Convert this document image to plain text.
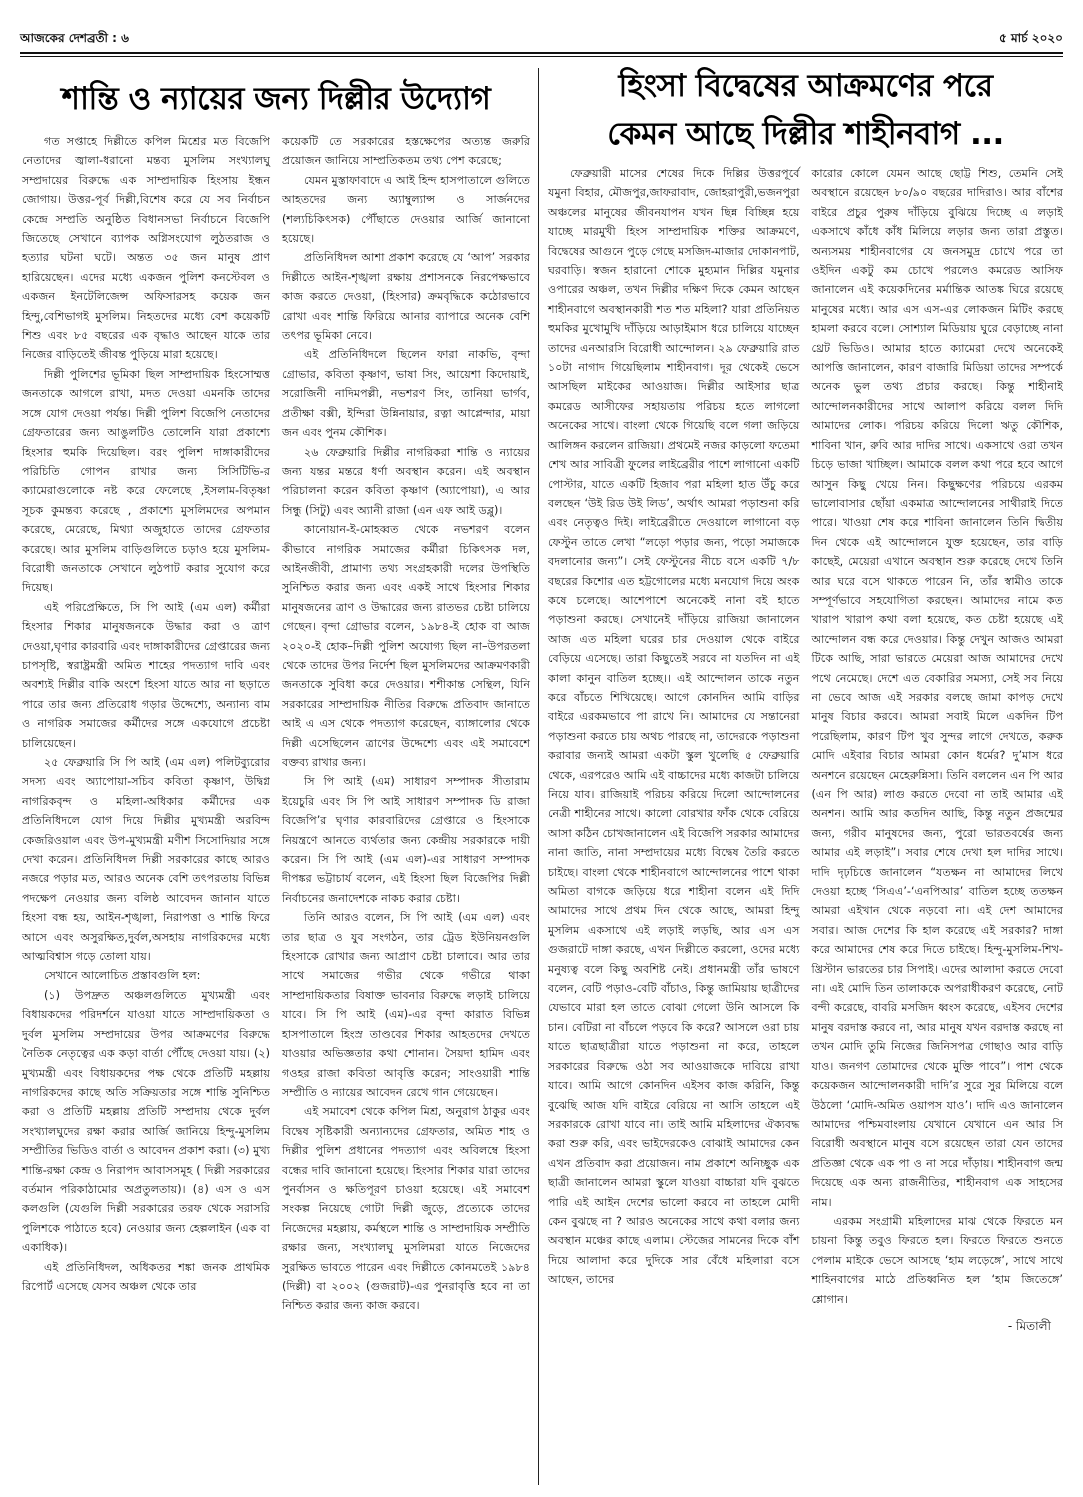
আজকের দেশব্রতী : ৬	৫ মার্চ ২০২০
শান্তি ও ন্যায়ের জন্য দিল্লীর উদ্যোগ

গত সপ্তাহে দিল্লীতে কপিল মিশ্রের মত বিজেপি নেতাদের জ্বালা-ধরানো মন্তব্য মুসলিম সংখ্যালঘু সম্প্রদায়ের বিরুদ্ধে এক সাম্প্রদায়িক হিংসায় ইন্ধন জোগায়। উত্তর-পূর্ব দিল্লী,বিশেষ করে যে সব নির্বাচন কেন্দ্রে সম্প্রতি অনুষ্ঠিত বিধানসভা নির্বাচনে বিজেপি জিতেছে সেখানে ব্যাপক অগ্নিসংযোগ লুঠতরাজ ও হত্যার ঘটনা ঘটে। অন্তত ৩৫ জন মানুষ প্রাণ হারিয়েছেন। এদের মধ্যে একজন পুলিশ কনস্টেবল ও একজন ইনটেলিজেন্স অফিসারসহ কয়েক জন হিন্দু,বেশিভাগই মুসলিম। নিহতদের মধ্যে বেশ কয়েকটি শিশু এবং ৮৫ বছরের এক বৃদ্ধাও আছেন যাকে তার নিজের বাড়িতেই জীবন্ত পুড়িয়ে মারা হয়েছে।

দিল্লী পুলিশের ভূমিকা ছিল সাম্প্রদায়িক হিংসোম্মত্ত জনতাকে আগলে রাখা, মদত দেওয়া এমনকি তাদের সঙ্গে যোগ দেওয়া পর্যন্ত। দিল্লী পুলিশ বিজেপি নেতাদের গ্রেফতারের জন্য আঙুলটিও তোলেনি যারা প্রকাশ্যে হিংসার হুমকি দিয়েছিল। বরং পুলিশ দাঙ্গাকারীদের পরিচিতি গোপন রাখার জন্য সিসিটিভি-র ক্যামেরাগুলোকে নষ্ট করে ফেলেছে ,ইসলাম-বিতৃষ্ণা সূচক কুমন্তব্য করেছে , প্রকাশ্যে মুসলিমদের অপমান করেছে, মেরেছে, মিথ্যা অজুহাতে তাদের গ্রেফতার করেছে। আর মুসলিম বাড়িগুলিতে চড়াও হয়ে মুসলিম-বিরোধী জনতাকে সেখানে লুঠপাট করার সুযোগ করে দিয়েছ।

এই পরিপ্রেক্ষিতে, সি পি আই (এম এল) কর্মীরা হিংসার শিকার মানুষজনকে উদ্ধার করা ও ত্রাণ দেওয়া,ঘৃণার কারবারি এবং দাঙ্গাকারীদের গ্রেপ্তারের জন্য চাপসৃষ্টি, স্বরাষ্ট্রমন্ত্রী অমিত শাহের পদত্যাগ দাবি এবং অবশ্যই দিল্লীর বাকি অংশে হিংসা যাতে আর না ছড়াতে পারে তার জন্য প্রতিরোধ গড়ার উদ্দেশ্যে, অন্যান্য বাম ও নাগরিক সমাজের কর্মীদের সঙ্গে একযোগে প্রচেষ্টা চালিয়েছেন।

২৫ ফেব্রুয়ারি সি পি আই (এম এল) পলিটব্যুরোর সদস্য এবং অ্যাপোয়া-সচিব কবিতা কৃষ্ণাণ, উদ্বিগ্ন নাগরিকবৃন্দ ও মহিলা-অধিকার কর্মীদের এক প্রতিনিধিদলে যোগ দিয়ে দিল্লীর মুখ্যমন্ত্রী অরবিন্দ কেজরিওয়াল এবং উপ-মুখ্যমন্ত্রী মণীশ সিসোদিয়ার সঙ্গে দেখা করেন। প্রতিনিধিদল দিল্লী সরকারের কাছে আরও নজরে পড়ার মত, আরও অনেক বেশি তৎপরতায় বিভিন্ন পদক্ষেপ নেওয়ার জন্য বলিষ্ঠ আবেদন জানান যাতে হিংসা বন্ধ হয়, আইন-শৃঙ্খলা, নিরাপত্তা ও শান্তি ফিরে আসে এবং অসুরক্ষিত,দুর্বল,অসহায় নাগরিকদের মধ্যে আত্মবিশ্বাস গড়ে তোলা যায়।

সেখানে আলোচিত প্রস্তাবগুলি হল:

(১) উপদ্রুত অঞ্চলগুলিতে মুখ্যমন্ত্রী এবং বিধায়কদের পরিদর্শনে যাওয়া যাতে সাম্প্রদায়িকতা ও দুর্বল মুসলিম সম্প্রদায়ের উপর আক্রমণের বিরুদ্ধে নৈতিক নেতৃত্বের এক কড়া বার্তা পৌঁছে দেওয়া যায়। (২) মুখ্যমন্ত্রী এবং বিধায়কদের পক্ষ থেকে প্রতিটি মহল্লায় নাগরিকদের কাছে অতি সক্রিয়তার সঙ্গে শান্তি সুনিশ্চিত করা ও প্রতিটি মহল্লায় প্রতিটি সম্প্রদায় থেকে দুর্বল সংখ্যালঘুদের রক্ষা করার আর্জি জানিয়ে হিন্দু-মুসলিম সম্প্রীতির ভিডিও বার্তা ও আবেদন প্রকাশ করা। (৩) মুখ্য শান্তি-রক্ষা কেন্দ্র ও নিরাপদ আবাসসমূহ ( দিল্লী সরকারের বর্তমান পরিকাঠামোর অপ্রতুলতায়)। (৪) এস ও এস কলগুলি (যেগুলি দিল্লী সরকারের তরফ থেকে সরাসরি পুলিশকে পাঠাতে হবে) নেওয়ার জন্য হেল্পলাইন (এক বা একাধিক)।

এই প্রতিনিধিদল, অধিকতর শঙ্কা জনক প্রাথমিক রিপোর্ট এসেছে যেসব অঞ্চল থেকে তার

কয়েকটি তে সরকারের হস্তক্ষেপের অত্যন্ত জরুরি প্রয়োজন জানিয়ে সাম্প্রতিকতম তথ্য পেশ করেছে;

যেমন মুস্তাফাবাদে এ আই হিন্দ হাসপাতালে গুলিতে আহতদের জন্য অ্যাম্বুল্যান্স ও সার্জনদের (শল্যচিকিৎসক) পৌঁছাতে দেওয়ার আর্জি জানানো হয়েছে।

প্রতিনিধিদল আশা প্রকাশ করেছে যে ‘আপ’ সরকার দিল্লীতে আইন-শৃঙ্খলা রক্ষায় প্রশাসনকে নিরপেক্ষভাবে কাজ করতে দেওয়া, (হিংসার) ক্রমবৃদ্ধিকে কঠোরভাবে রোখা এবং শান্তি ফিরিয়ে আনার ব্যাপারে অনেক বেশি তৎপর ভূমিকা নেবে।

এই প্রতিনিধিদলে ছিলেন ফারা নাকভি, বৃন্দা গ্রোভার, কবিতা কৃষ্ণাণ, ভাষা সিং, আয়েশা কিদোয়াই, সরোজিনী নাদিমপল্লী, নভশরণ সিং, তানিয়া ভার্গব, প্রতীক্ষা বক্সী, ইন্দিরা উন্নিনায়ার, রত্না আপ্লেন্দার, মায়া জন এবং পুনম কৌশিক।

২৬ ফেব্রুয়ারি দিল্লীর নাগরিকরা শান্তি ও ন্যায়ের জন্য যন্তর মন্তরে ধর্ণা অবস্থান করেন। এই অবস্থান পরিচালনা করেন কবিতা কৃষ্ণাণ (অ্যাপোয়া), এ আর সিন্ধু (সিটু) এবং অ্যানী রাজা (এন এফ আই ডব্লু)।

কানোয়ান-ই-মোহব্বত থেকে নভশরণ বলেন কীভাবে নাগরিক সমাজের কর্মীরা চিকিৎসক দল, আইনজীবী, প্রামাণ্য তথ্য সংগ্রহকারী দলের উপস্থিতি সুনিশ্চিত করার জন্য এবং একই সাথে হিংসার শিকার মানুষজনের ত্রাণ ও উদ্ধারের জন্য রাতভর চেষ্টা চালিয়ে গেছেন। বৃন্দা গ্রোভার বলেন, ১৯৮৪-ই হোক বা আজ ২০২০-ই হোক–দিল্লী পুলিশ অযোগ্য ছিল না–উপরতলা থেকে তাদের উপর নির্দেশ ছিল মুসলিমদের আক্রমণকারী জনতাকে সুবিধা করে দেওয়ার। শশীকান্ত সেন্থিল, যিনি সরকারের সাম্প্রদায়িক নীতির বিরুদ্ধে প্রতিবাদ জানাতে আই এ এস থেকে পদত্যাগ করেছেন, ব্যাঙ্গালোর থেকে দিল্লী এসেছিলেন ত্রাণের উদ্দেশ্যে এবং এই সমাবেশে বক্তব্য রাখার জন্য।

সি পি আই (এম) সাধারণ সম্পাদক সীতারাম ইয়েচুরি এবং সি পি আই সাধারণ সম্পাদক ডি রাজা বিজেপি’র ঘৃণার কারবারিদের গ্রেপ্তারে ও হিংসাকে নিয়ন্ত্রণে আনতে ব্যর্থতার জন্য কেন্দ্রীয় সরকারকে দায়ী করেন। সি পি আই (এম এল)-এর সাধারণ সম্পাদক দীপঙ্কর ভট্টাচার্য বলেন, এই হিংসা ছিল বিজেপির দিল্লী নির্বাচনের জনাদেশকে নাকচ করার চেষ্টা।

তিনি আরও বলেন, সি পি আই (এম এল) এবং তার ছাত্র ও যুব সংগঠন, তার ট্রেড ইউনিয়নগুলি হিংসাকে রোখার জন্য আপ্রাণ চেষ্টা চালাবে। আর তার সাথে সমাজের গভীর থেকে গভীরে থাকা সাম্প্রদায়িকতার বিষাক্ত ভাবনার বিরুদ্ধে লড়াই চালিয়ে যাবে। সি পি আই (এম)-এর বৃন্দা কারাত বিভিন্ন হাসপাতালে হিংস্র তাণ্ডবের শিকার আহতদের দেখতে যাওয়ার অভিজ্ঞতার কথা শোনান। সৈয়দা হামিদ এবং গওহর রাজা কবিতা আবৃত্তি করেন; সাংওয়ারী শান্তি সম্প্রীতি ও ন্যায়ের আবেদন রেখে গান গেয়েছেন।

এই সমাবেশ থেকে কপিল মিশ্র, অনুরাগ ঠাকুর এবং বিদ্বেষ সৃষ্টিকারী অন্যান্যদের গ্রেফতার, অমিত শাহ ও দিল্লীর পুলিশ প্রধানের পদত্যাগ এবং অবিলম্বে হিংসা বন্ধের দাবি জানানো হয়েছে। হিংসার শিকার যারা তাদের পুনর্বাসন ও ক্ষতিপূরণ চাওয়া হয়েছে। এই সমাবেশ সংকল্প নিয়েছে গোটা দিল্লী জুড়ে, প্রত্যেকে তাদের নিজেদের মহল্লায়, কর্মস্থলে শান্তি ও সাম্প্রদায়িক সম্প্রীতি রক্ষার জন্য, সংখ্যালঘু মুসলিমরা যাতে নিজেদের সুরক্ষিত ভাবতে পারেন এবং দিল্লীতে কোনমতেই ১৯৮৪ (দিল্লী) বা ২০০২ (গুজরাট)-এর পুনরাবৃত্তি হবে না তা নিশ্চিত করার জন্য কাজ করবে।

হিংসা বিদ্বেষের আক্রমণের পরে
কেমন আছে দিল্লীর শাহীনবাগ ...

ফেব্রুয়ারী মাসের শেষের দিকে দিল্লির উত্তরপূর্বে যমুনা বিহার, মৌজপুর,জাফরাবাদ, জোহরাপুরী,ভজনপুরা অঞ্চলের মানুষের জীবনযাপন যখন ছিন্ন বিচ্ছিন্ন হয়ে যাচ্ছে মারমুখী হিংস সাম্প্রদায়িক শক্তির আক্রমণে, বিদ্বেষের আগুনে পুড়ে গেছে মসজিদ-মাজার দোকানপাট, ঘরবাড়ি। স্বজন হারানো শোকে মুহ্যমান দিল্লির যমুনার ওপারের অঞ্চল, তখন দিল্লীর দক্ষিণ দিকে কেমন আছেন শাহীনবাগে অবস্থানকারী শত শত মহিলা? যারা প্রতিনিয়ত হুমকির মুখোমুখি দাঁড়িয়ে আড়াইমাস ধরে চালিয়ে যাচ্ছেন তাদের এনআরসি বিরোধী আন্দোলন। ২৯ ফেব্রুয়ারি রাত ১০টা নাগাদ গিয়েছিলাম শাহীনবাগ। দূর থেকেই ভেসে আসছিল মাইকের আওয়াজ। দিল্লীর আইসার ছাত্র কমরেড আসীফের সহায়তায় পরিচয় হতে লাগলো অনেকের সাথে। বাংলা থেকে গিয়েছি বলে গলা জড়িয়ে আলিঙ্গন করলেন রাজিয়া। প্রথমেই নজর কাড়লো ফতেমা শেখ আর সাবিত্রী ফুলের লাইব্রেরীর পাশে লাগানো একটি পোস্টার, যাতে একটি হিজাব পরা মহিলা হাত উঁচু করে বলছেন ‘উই রিড উই লিড’, অর্থাৎ আমরা পড়াশুনা করি এবং নেতৃত্বও দিই। লাইব্রেরীতে দেওয়ালে লাগানো বড় ফেস্টুন তাতে লেখা “লড়ো পড়ার জন্য, পড়ো সমাজকে বদলানোর জন্য”। সেই ফেস্টুনের নীচে বসে একটি ৭/৮ বছরের কিশোর এত হট্টগোলের মধ্যে মনযোগ দিয়ে অংক কষে চলেছে। আশেপাশে অনেকেই নানা বই হাতে পড়াশুনা করছে। সেখানেই দাঁড়িয়ে রাজিয়া জানালেন আজ এত মহিলা ঘরের চার দেওয়াল থেকে বাইরে বেড়িয়ে এসেছে। তারা কিছুতেই সরবে না যতদিন না এই কালা কানুন বাতিল হচ্ছে।। এই আন্দোলন তাকে নতুন করে বাঁচতে শিখিয়েছে। আগে কোনদিন আমি বাড়ির বাইরে এরকমভাবে পা রাখে নি। আমাদের যে সন্তানেরা পড়াশুনা করতে চায় অথচ পারছে না, তাদেরকে পড়াশুনা করাবার জন্যই আমরা একটা স্কুল খুলেছি ৫ ফেব্রুয়ারি থেকে, এরপরেও আমি এই বাচ্চাদের মধ্যে কাজটা চালিয়ে নিয়ে যাব। রাজিয়াই পরিচয় করিয়ে দিলো আন্দোলনের নেত্রী শাহীনের সাথে। কালো বোরখার ফাঁক থেকে বেরিয়ে আসা কঠিন চোখজানালেন এই বিজেপি সরকার আমাদের নানা জাতি, নানা সম্প্রদায়ের মধ্যে বিদ্বেষ তৈরি করতে চাইছে। বাংলা থেকে শাহীনবাগে আন্দোলনের পাশে থাকা অমিতা বাগকে জড়িয়ে ধরে শাহীনা বলেন এই দিদি আমাদের সাথে প্রথম দিন থেকে আছে, আমরা হিন্দু মুসলিম একসাথে এই লড়াই লড়ছি, আর এস এস গুজরাটে দাঙ্গা করছে, এখন দিল্লীতে করলো, ওদের মধ্যে মনুষ্যত্ব বলে কিছু অবশিষ্ট নেই। প্রধানমন্ত্রী তাঁর ভাষণে বলেন, বেটি পড়াও-বেটি বাঁচাও, কিন্তু জামিয়ায় ছাত্রীদের যেভাবে মারা হল তাতে বোঝা গেলো উনি আসলে কি চান। বেটিরা না বাঁচলে পড়বে কি করে? আসলে ওরা চায় যাতে ছাত্রছাত্রীরা যাতে পড়াশুনা না করে, তাহলে সরকারের বিরুদ্ধে ওঠা সব আওয়াজকে দাবিয়ে রাখা যাবে। আমি আগে কোনদিন এইসব কাজ করিনি, কিন্তু বুঝেছি আজ যদি বাইরে বেরিয়ে না আসি তাহলে এই সরকারকে রোখা যাবে না। তাই আমি মহিলাদের ঐক্যবদ্ধ করা শুরু করি, এবং ভাইদেরকেও বোঝাই আমাদের কেন এখন প্রতিবাদ করা প্রয়োজন। নাম প্রকাশে অনিচ্ছুক এক ছাত্রী জানালেন আমরা স্কুলে যাওয়া বাচ্চারা যদি বুঝতে পারি এই আইন দেশের ভালো করবে না তাহলে মোদী কেন বুঝছে না ? আরও অনেকের সাথে কথা বলার জন্য অবস্থান মঞ্চের কাছে এলাম। স্টেজের সামনের দিকে বাঁশ দিয়ে আলাদা করে দুদিকে সার বেঁধে মহিলারা বসে আছেন, তাদের

কারোর কোলে যেমন আছে ছোট্ট শিশু, তেমনি সেই অবস্থানে রয়েছেন ৮০/৯০ বছরের দাদিরাও। আর বাঁশের বাইরে প্রচুর পুরুষ দাঁড়িয়ে বুঝিয়ে দিচ্ছে এ লড়াই একসাথে কাঁধে কাঁধ মিলিয়ে লড়ার জন্য তারা প্রস্তুত। অন্যসময় শাহীনবাগের যে জনসমুদ্র চোখে পরে তা ওইদিন একটু কম চোখে পরলেও কমরেড আসিফ জানালেন এই কয়েকদিনের মর্মান্তিক আতঙ্ক ঘিরে রয়েছে মানুষের মধ্যে। আর এস এস-এর লোকজন মিটিং করছে হামলা করবে বলে। সোশ্যাল মিডিয়ায় ঘুরে বেড়াচ্ছে নানা থ্রেট ভিডিও। আমার হাতে ক্যামেরা দেখে অনেকেই আপত্তি জানালেন, কারণ বাজারি মিডিয়া তাদের সম্পর্কে অনেক ভুল তথ্য প্রচার করছে। কিন্তু শাহীনাই আন্দোলনকারীদের সাথে আলাপ করিয়ে বলল দিদি আমাদের লোক। পরিচয় করিয়ে দিলো ঋতু কৌশিক, শাবিনা খান, রুবি আর দাদির সাথে। একসাথে ওরা তখন চিড়ে ভাজা খাচ্ছিল। আমাকে বলল কথা পরে হবে আগে আসুন কিছু খেয়ে নিন। কিছুক্ষণের পরিচয়ে এরকম ভালোবাসার ছোঁয়া একমাত্র আন্দোলনের সাথীরাই দিতে পারে। খাওয়া শেষ করে শাবিনা জানালেন তিনি দ্বিতীয় দিন থেকে এই আন্দোলনে যুক্ত হয়েছেন, তার বাড়ি কাছেই, মেয়েরা এখানে অবস্থান শুরু করেছে দেখে তিনি আর ঘরে বসে থাকতে পারেন নি, তাঁর স্বামীও তাকে সম্পূর্ণভাবে সহযোগিতা করছেন। আমাদের নামে কত খারাপ খারাপ কথা বলা হয়েছে, কত চেষ্টা হয়েছে এই আন্দোলন বন্ধ করে দেওয়ার। কিন্তু দেখুন আজও আমরা টিকে আছি, সারা ভারতে মেয়েরা আজ আমাদের দেখে পথে নেমেছে। দেশে এত বেকারির সমস্যা, সেই সব নিয়ে না ভেবে আজ এই সরকার বলছে জামা কাপড় দেখে মানুষ বিচার করবে। আমরা সবাই মিলে একদিন টিপ পরেছিলাম, কারণ টিপ খুব সুন্দর লাগে দেখতে, করুক মোদি এইবার বিচার আমরা কোন ধর্মের? দু’মাস ধরে অনশনে রয়েছেন মেহেরুন্নিসা। তিনি বললেন এন পি আর (এন পি আর) লাগু করতে দেবো না তাই আমার এই অনশন। আমি আর কতদিন আছি, কিন্তু নতুন প্রজন্মের জন্য, গরীব মানুষদের জন্য, পুরো ভারতবর্ষের জন্য আমার এই লড়াই”। সবার শেষে দেখা হল দাদির সাথে। দাদি দৃঢ়চিত্তে জানালেন “যতক্ষন না আমাদের লিখে দেওয়া হচ্ছে ‘সিএএ’-‘এনপিআর’ বাতিল হচ্ছে ততক্ষন আমরা এইখান থেকে নড়বো না। এই দেশ আমাদের সবার। আজ দেশের কি হাল করেছে এই সরকার? দাঙ্গা করে আমাদের শেষ করে দিতে চাইছে। হিন্দু-মুসলিম-শিখ-খ্রিস্টান ভারতের চার সিপাই। এদের আলাদা করতে দেবো না। এই মোদি তিন তালাককে অপরাধীকরণ করেছে, নোট বন্দী করেছে, বাবরি মসজিদ ধ্বংস করেছে, এইসব দেশের মানুষ বরদাস্ত করবে না, আর মানুষ যখন বরদাস্ত করছে না তখন মোদি তুমি নিজের জিনিসপত্র গোছাও আর বাড়ি যাও। জনগণ তোমাদের থেকে মুক্তি পাবে”। পাশ থেকে কয়েকজন আন্দোলনকারী দাদি’র সুরে সুর মিলিয়ে বলে উঠলো ‘মোদি-অমিত ওয়াপস যাও’। দাদি এও জানালেন আমাদের পশ্চিমবাংলায় যেখানে যেখানে এন আর সি বিরোধী অবস্থানে মানুষ বসে রয়েছেন তারা যেন তাদের প্রতিজ্ঞা থেকে এক পা ও না সরে দাঁড়ায়। শাহীনবাগ জন্ম দিয়েছে এক অন্য রাজনীতির, শাহীনবাগ এক সাহসের নাম।

এরকম সংগ্রামী মহিলাদের মাঝ থেকে ফিরতে মন চায়না কিন্তু তবুও ফিরতে হল। ফিরতে ফিরতে শুনতে পেলাম মাইকে ভেসে আসছে ‘হাম লড়েঙ্গে’, সাথে সাথে শাহিনবাগের মাঠে প্রতিধ্বনিত হল ‘হাম জিতেঙ্গে’ শ্লোগান।

- মিতালী
